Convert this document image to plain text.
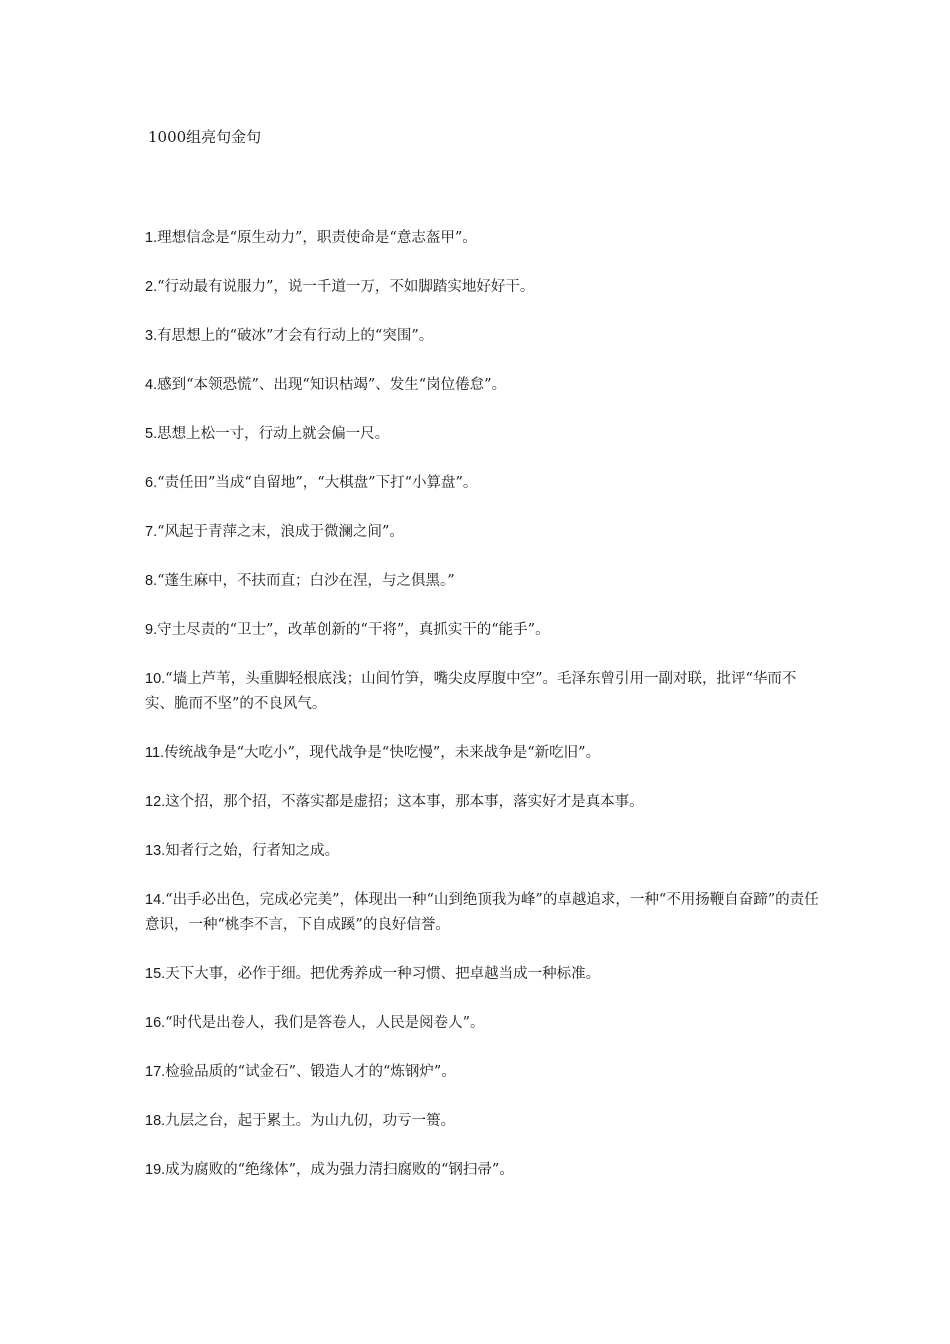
1000组亮句金句
1.理想信念是“原生动力”，职责使命是“意志盔甲”。
2.“行动最有说服力”，说一千道一万，不如脚踏实地好好干。
3.有思想上的“破冰”才会有行动上的“突围”。
4.感到“本领恐慌”、出现“知识枯竭”、发生“岗位倦怠”。
5.思想上松一寸，行动上就会偏一尺。
6.“责任田”当成“自留地”，“大棋盘”下打“小算盘”。
7.“风起于青萍之末，浪成于微澜之间”。
8.“蓬生麻中，不扶而直；白沙在涅，与之俱黑。”
9.守土尽责的“卫士”，改革创新的“干将”，真抓实干的“能手”。
10.“墙上芦苇，头重脚轻根底浅；山间竹笋，嘴尖皮厚腹中空”。毛泽东曾引用一副对联，批评“华而不实、脆而不坚”的不良风气。
11.传统战争是“大吃小”，现代战争是“快吃慢”，未来战争是“新吃旧”。
12.这个招，那个招，不落实都是虚招；这本事，那本事，落实好才是真本事。
13.知者行之始，行者知之成。
14.“出手必出色，完成必完美”，体现出一种“山到绝顶我为峰”的卓越追求，一种“不用扬鞭自奋蹄”的责任意识，一种“桃李不言，下自成蹊”的良好信誉。
15.天下大事，必作于细。把优秀养成一种习惯、把卓越当成一种标准。
16.“时代是出卷人，我们是答卷人，人民是阅卷人”。
17.检验品质的“试金石”、锻造人才的“炼钢炉”。
18.九层之台，起于累土。为山九仞，功亏一篑。
19.成为腐败的“绝缘体”，成为强力清扫腐败的“钢扫帚”。
